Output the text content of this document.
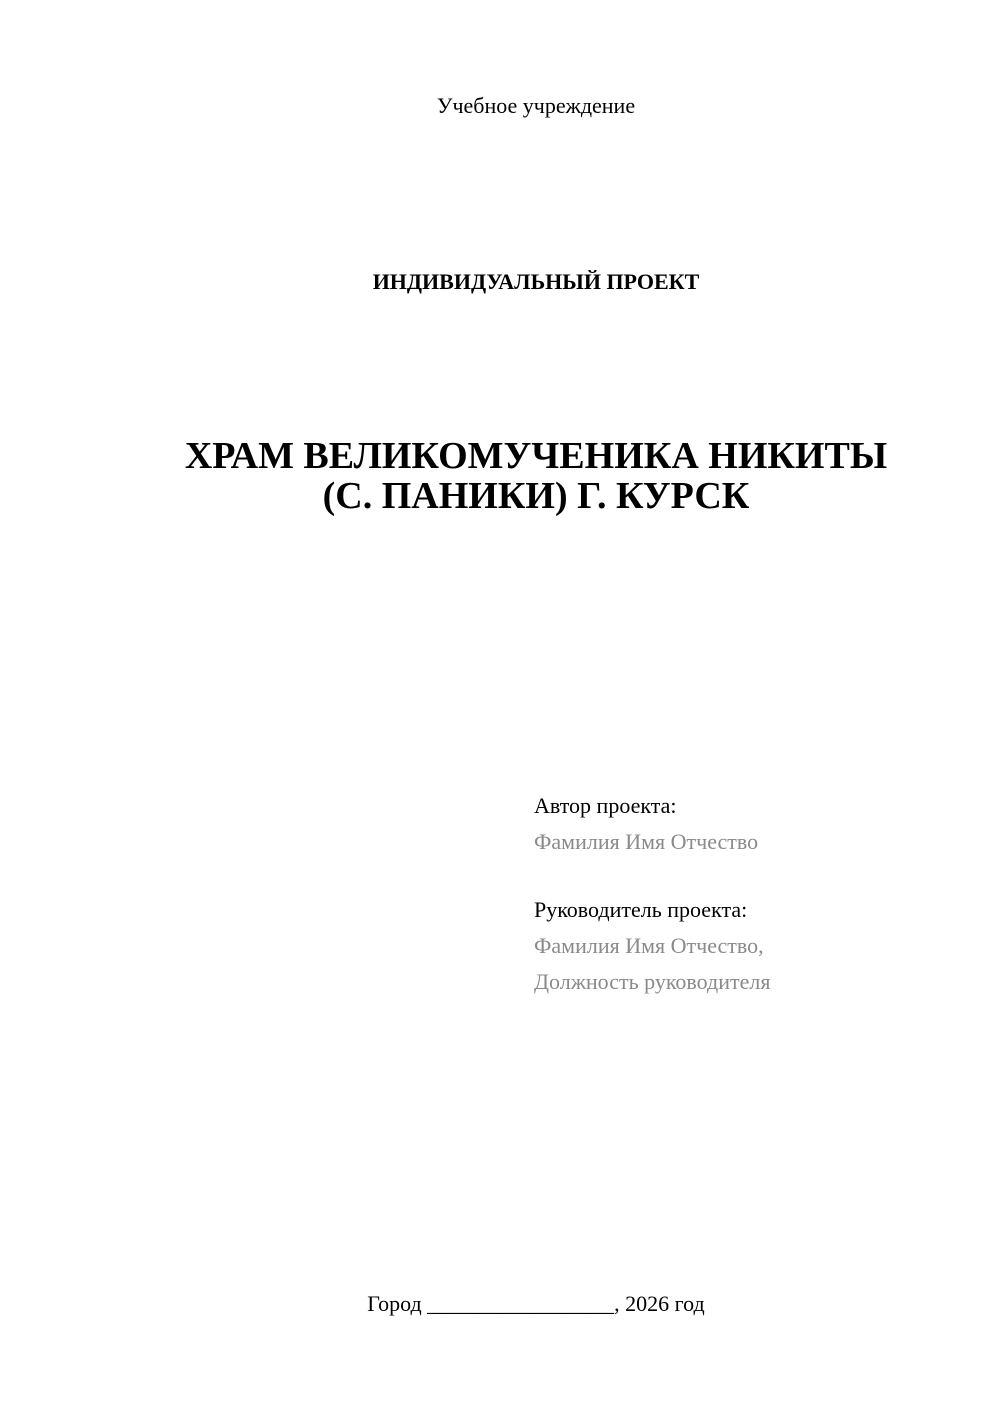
Учебное учреждение
ИНДИВИДУАЛЬНЫЙ ПРОЕКТ
ХРАМ ВЕЛИКОМУЧЕНИКА НИКИТЫ
(С. ПАНИКИ) Г. КУРСК
Автор проекта:
Фамилия Имя Отчество
Руководитель проекта:
Фамилия Имя Отчество,
Должность руководителя
Город _________________, 2026 год
